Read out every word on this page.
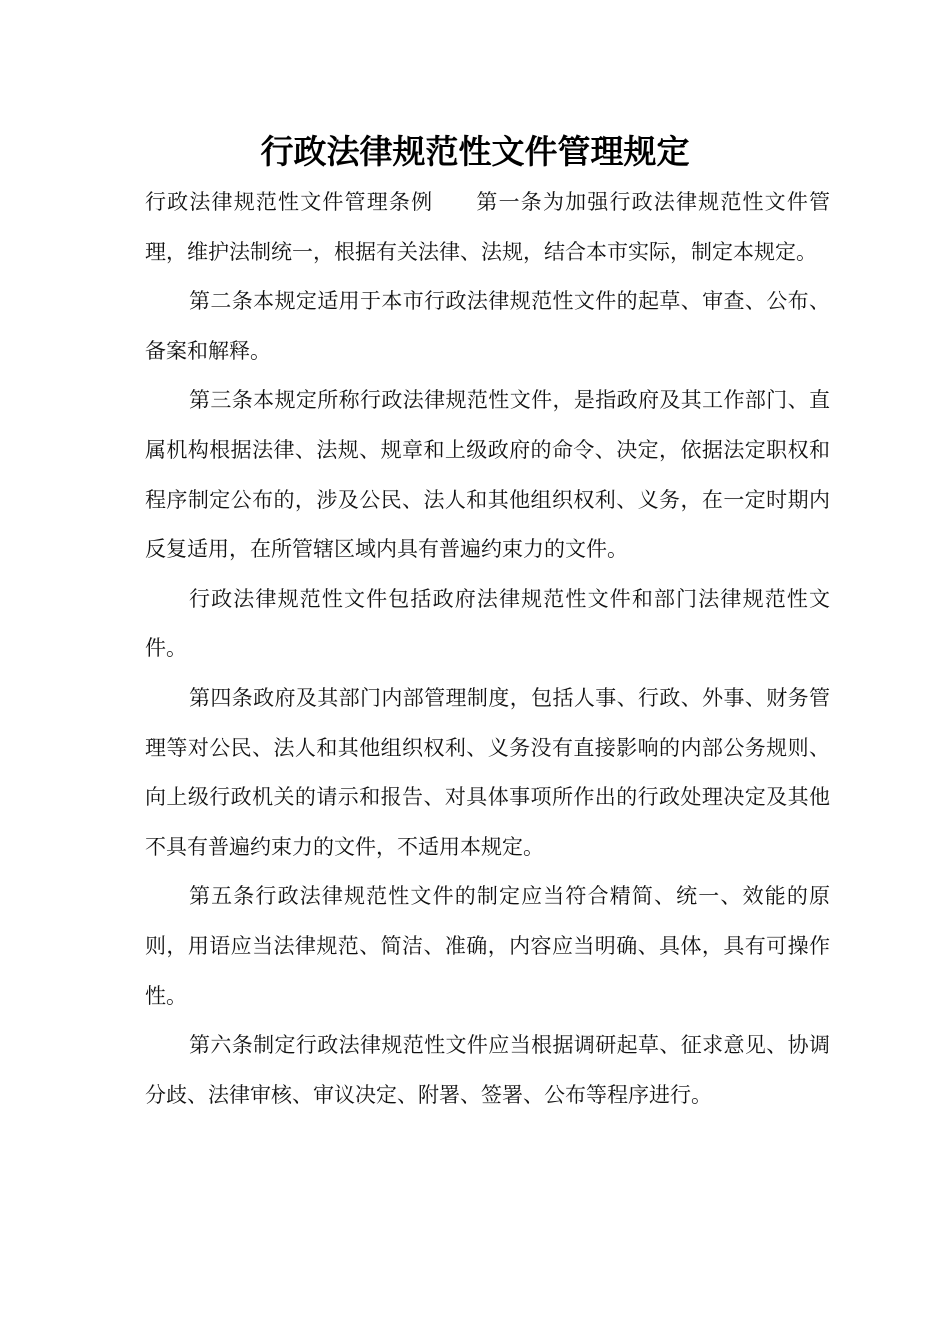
行政法律规范性文件管理规定

行政法律规范性文件管理条例 第一条为加强行政法律规范性文件管理，维护法制统一，根据有关法律、法规，结合本市实际，制定本规定。

第二条本规定适用于本市行政法律规范性文件的起草、审查、公布、备案和解释。

第三条本规定所称行政法律规范性文件，是指政府及其工作部门、直属机构根据法律、法规、规章和上级政府的命令、决定，依据法定职权和程序制定公布的，涉及公民、法人和其他组织权利、义务，在一定时期内反复适用，在所管辖区域内具有普遍约束力的文件。

行政法律规范性文件包括政府法律规范性文件和部门法律规范性文件。

第四条政府及其部门内部管理制度，包括人事、行政、外事、财务管理等对公民、法人和其他组织权利、义务没有直接影响的内部公务规则、向上级行政机关的请示和报告、对具体事项所作出的行政处理决定及其他不具有普遍约束力的文件，不适用本规定。

第五条行政法律规范性文件的制定应当符合精简、统一、效能的原则，用语应当法律规范、简洁、准确，内容应当明确、具体，具有可操作性。

第六条制定行政法律规范性文件应当根据调研起草、征求意见、协调分歧、法律审核、审议决定、附署、签署、公布等程序进行。
